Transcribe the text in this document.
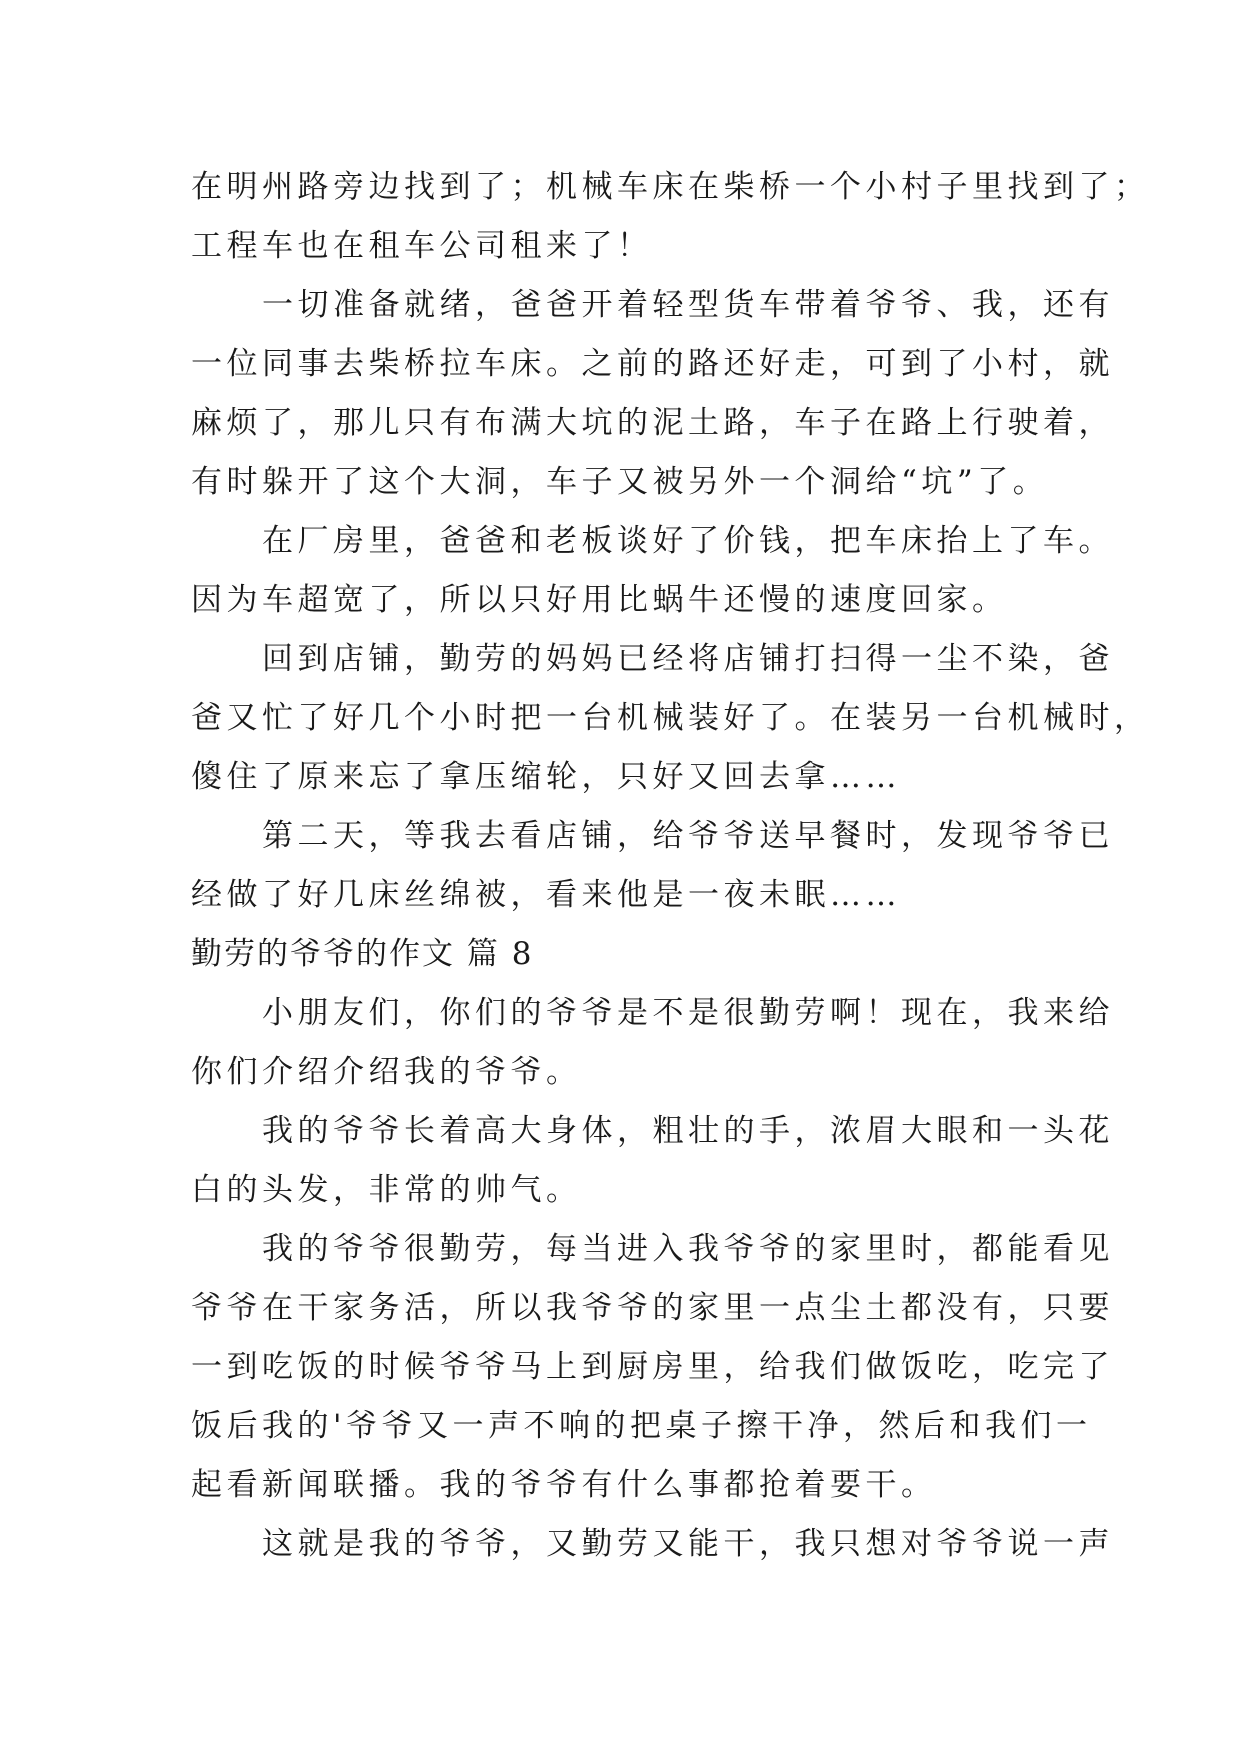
在明州路旁边找到了；机械车床在柴桥一个小村子里找到了；
工程车也在租车公司租来了！
　　一切准备就绪，爸爸开着轻型货车带着爷爷、我，还有
一位同事去柴桥拉车床。之前的路还好走，可到了小村，就
麻烦了，那儿只有布满大坑的泥土路，车子在路上行驶着，
有时躲开了这个大洞，车子又被另外一个洞给“坑”了。
　　在厂房里，爸爸和老板谈好了价钱，把车床抬上了车。
因为车超宽了，所以只好用比蜗牛还慢的速度回家。
　　回到店铺，勤劳的妈妈已经将店铺打扫得一尘不染，爸
爸又忙了好几个小时把一台机械装好了。在装另一台机械时，
傻住了原来忘了拿压缩轮，只好又回去拿……
　　第二天，等我去看店铺，给爷爷送早餐时，发现爷爷已
经做了好几床丝绵被，看来他是一夜未眠……
勤劳的爷爷的作文 篇 8
　　小朋友们，你们的爷爷是不是很勤劳啊！现在，我来给
你们介绍介绍我的爷爷。
　　我的爷爷长着高大身体，粗壮的手，浓眉大眼和一头花
白的头发，非常的帅气。
　　我的爷爷很勤劳，每当进入我爷爷的家里时，都能看见
爷爷在干家务活，所以我爷爷的家里一点尘土都没有，只要
一到吃饭的时候爷爷马上到厨房里，给我们做饭吃，吃完了
饭后我的'爷爷又一声不响的把桌子擦干净，然后和我们一
起看新闻联播。我的爷爷有什么事都抢着要干。
　　这就是我的爷爷，又勤劳又能干，我只想对爷爷说一声
